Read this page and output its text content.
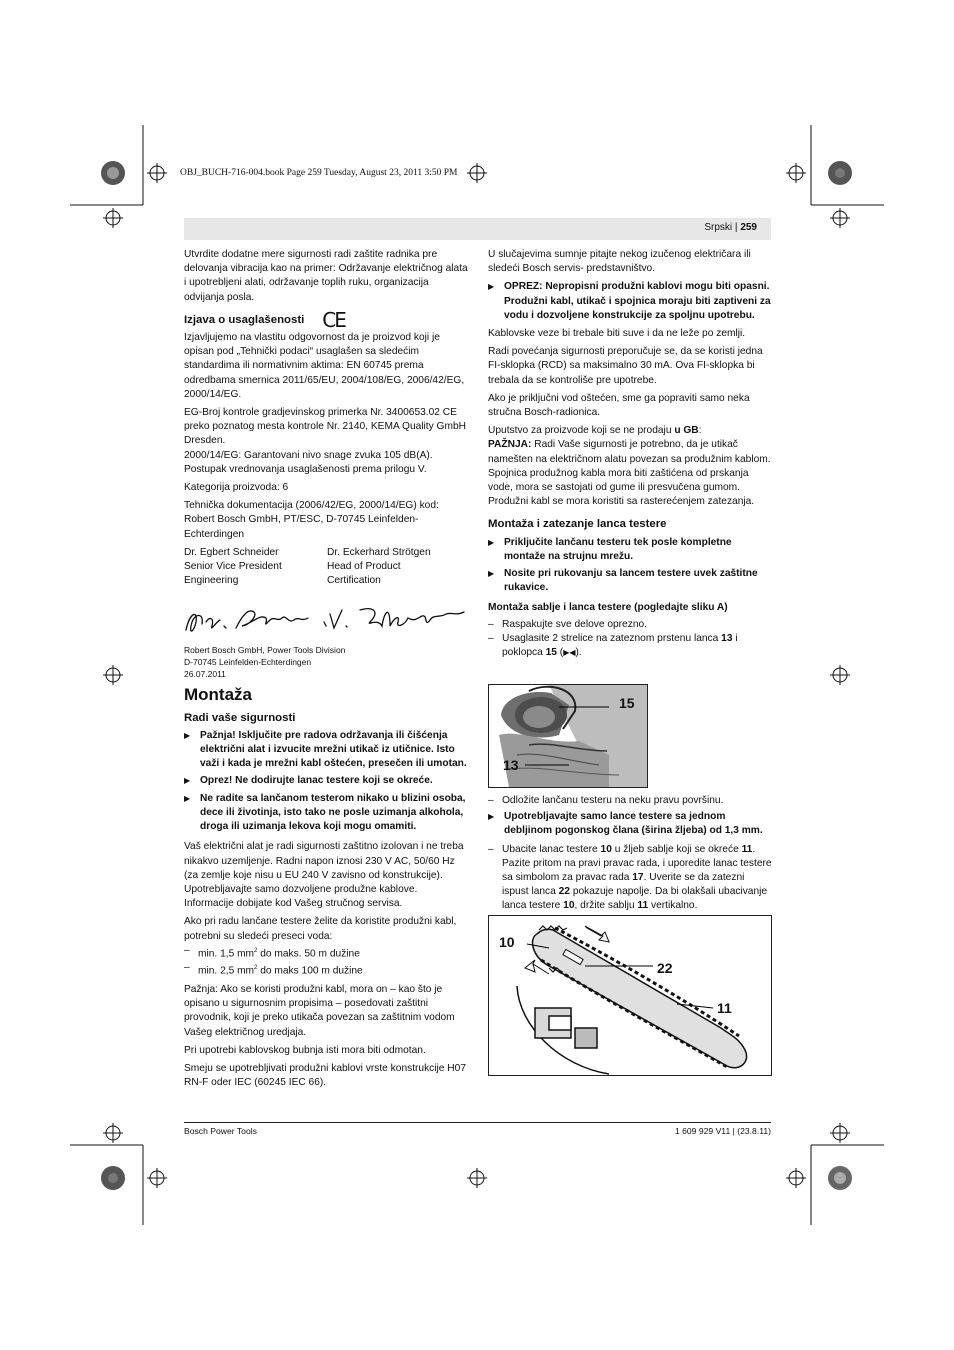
OBJ_BUCH-716-004.book Page 259 Tuesday, August 23, 2011 3:50 PM
Srpski | 259

Utvrdite dodatne mere sigurnosti radi zaštite radnika pre delovanja vibracija kao na primer: Održavanje električnog alata i upotrebljeni alati, održavanje toplih ruku, organizacija odvijanja posla.

Izjava o usaglašenosti CE

Izjavljujemo na vlastitu odgovornost da je proizvod koji je opisan pod „Tehnički podaci“ usaglašen sa sledećim standardima ili normativnim aktima: EN 60745 prema odredbama smernica 2011/65/EU, 2004/108/EG, 2006/42/EG, 2000/14/EG.

EG-Broj kontrole gradjevinskog primerka Nr. 3400653.02 CE preko poznatog mesta kontrole Nr. 2140, KEMA Quality GmbH Dresden.

2000/14/EG: Garantovani nivo snage zvuka 105 dB(A). Postupak vrednovanja usaglašenosti prema prilogu V.

Kategorija proizvoda: 6

Tehnička dokumentacija (2006/42/EG, 2000/14/EG) kod: Robert Bosch GmbH, PT/ESC, D-70745 Leinfelden-Echterdingen

Dr. Egbert Schneider
Senior Vice President
Engineering
Dr. Eckerhard Strötgen
Head of Product
Certification
Robert Bosch GmbH, Power Tools Division
D-70745 Leinfelden-Echterdingen
26.07.2011
Montaža
Radi vaše sigurnosti
▶ Pažnja! Isključite pre radova održavanja ili čišćenja električni alat i izvucite mrežni utikač iz utičnice. Isto važi i kada je mrežni kabl oštećen, presečen ili umotan.
▶ Oprez! Ne dodirujte lanac testere koji se okreće.
▶ Ne radite sa lančanom testerom nikako u blizini osoba, dece ili životinja, isto tako ne posle uzimanja alkohola, droga ili uzimanja lekova koji mogu omamiti.

Vaš električni alat je radi sigurnosti zaštitno izolovan i ne treba nikakvo uzemljenje. Radni napon iznosi 230 V AC, 50/60 Hz (za zemlje koje nisu u EU 240 V zavisno od konstrukcije). Upotrebljavajte samo dozvoljene produžne kablove. Informacije dobijate kod Vašeg stručnog servisa.

Ako pri radu lančane testere želite da koristite produžni kabl, potrebni su sledeći preseci voda:

– min. 1,5 $mm^2$ do maks. 50 m dužine
– min. 2,5 $mm^2$ do maks 100 m dužine

Pažnja: Ako se koristi produžni kabl, mora on – kao što je opisano u sigurnosnim propisima – posedovati zaštitni provodnik, koji je preko utikača povezan sa zaštitnim vodom Vašeg električnog uredjaja.

Pri upotrebi kablovskog bubnja isti mora biti odmotan.

Smeju se upotrebljivati produžni kablovi vrste konstrukcije H07 RN-F oder IEC (60245 IEC 66).

U slučajevima sumnje pitajte nekog izučenog električara ili sledeći Bosch servis- predstavništvo.

▶ OPREZ: Nepropisni produžni kablovi mogu biti opasni. Produžni kabl, utikač i spojnica moraju biti zaptiveni za vodu i dozvoljene konstrukcije za spoljnu upotrebu.

Kablovske veze bi trebale biti suve i da ne leže po zemlji.

Radi povećanja sigurnosti preporučuje se, da se koristi jedna FI-sklopka (RCD) sa maksimalno 30 mA. Ova FI-sklopka bi trebala da se kontroliše pre upotrebe.

Ako je priključni vod oštećen, sme ga popraviti samo neka stručna Bosch-radionica.

Uputstvo za proizvode koji se ne prodaju u GB:

PAŽNJA: Radi Vaše sigurnosti je potrebno, da je utikač namešten na električnom alatu povezan sa produžnim kablom. Spojnica produžnog kabla mora biti zaštićena od prskanja vode, mora se sastojati od gume ili presvučena gumom. Produžni kabl se mora koristiti sa rasterećenjem zatezanja.

Montaža i zatezanje lanca testere
▶ Priključite lančanu testeru tek posle kompletne montaže na strujnu mrežu.
▶ Nosite pri rukovanju sa lancem testere uvek zaštitne rukavice.
Montaža sablje i lanca testere (pogledajte sliku A)
– Raspakujte sve delove oprezno.
– Usaglasite 2 strelice na zateznom prstenu lanca 13 i poklopca 15 (▶◀).
15
13
– Odložite lančanu testeru na neku pravu površinu.
▶ Upotrebljavajte samo lance testere sa jednom debljinom pogonskog člana (širina žljeba) od 1,3 mm.
– Ubacite lanac testere 10 u žljeb sablje koji se okreće 11. Pazite pritom na pravi pravac rada, i uporedite lanac testere sa simbolom za pravac rada 17. Uverite se da zatezni ispust lanca 22 pokazuje napolje. Da bi olakšali ubacivanje lanca testere 10, držite sablju 11 vertikalno.
10
22
11
Bosch Power Tools	1 609 929 V11 | (23.8.11)
